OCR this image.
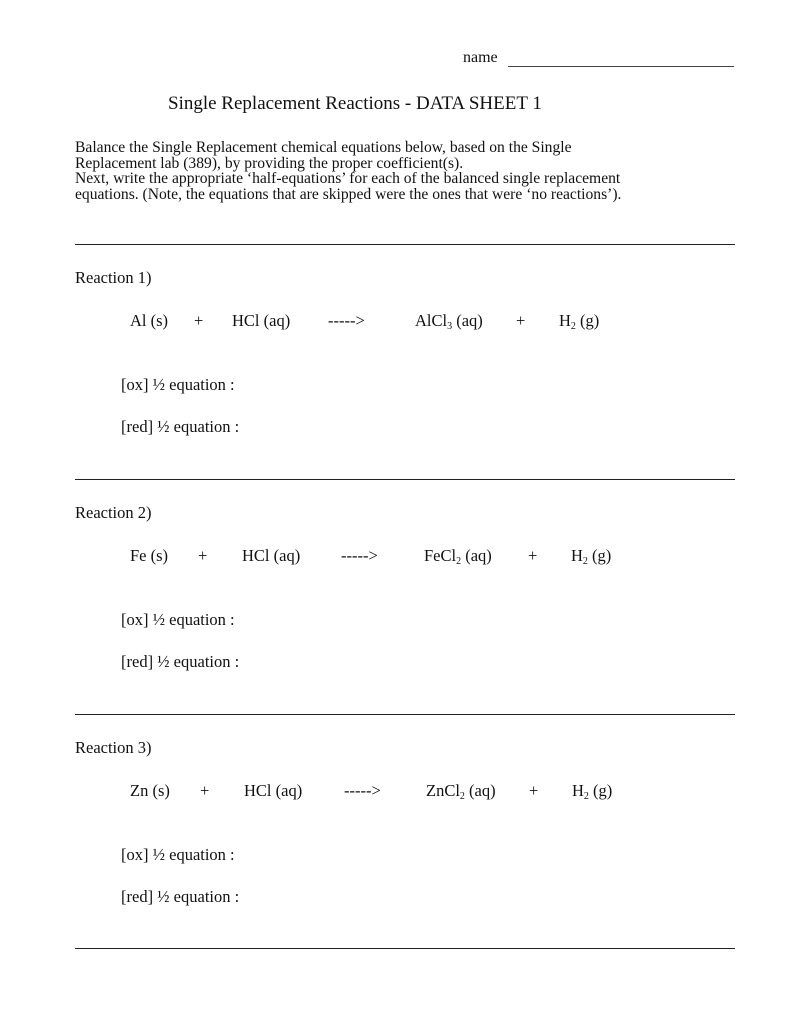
name
Single Replacement Reactions - DATA SHEET 1
Balance the Single Replacement chemical equations below, based on the Single
Replacement lab (389), by providing the proper coefficient(s).
Next, write the appropriate ‘half-equations’ for each of the balanced single replacement
equations. (Note, the equations that are skipped were the ones that were ‘no reactions’).
Reaction 1)
Al (s) + HCl (aq) ----->	AlCl$_3$ $(aq) + H_2$ (g)
[ox] ½ equation :
[red] ½ equation :
Reaction 2)
Fe (s) + HCl (aq) ----->	FeCl$_2$ $(aq) + H_2$ (g)
[ox] ½ equation :
[red] ½ equation :
Reaction 3)
Zn (s) + HCl (aq)	----->	ZnCl$_2$ $(aq) + H_2$ (g)
[ox] ½ equation :
[red] ½ equation :
